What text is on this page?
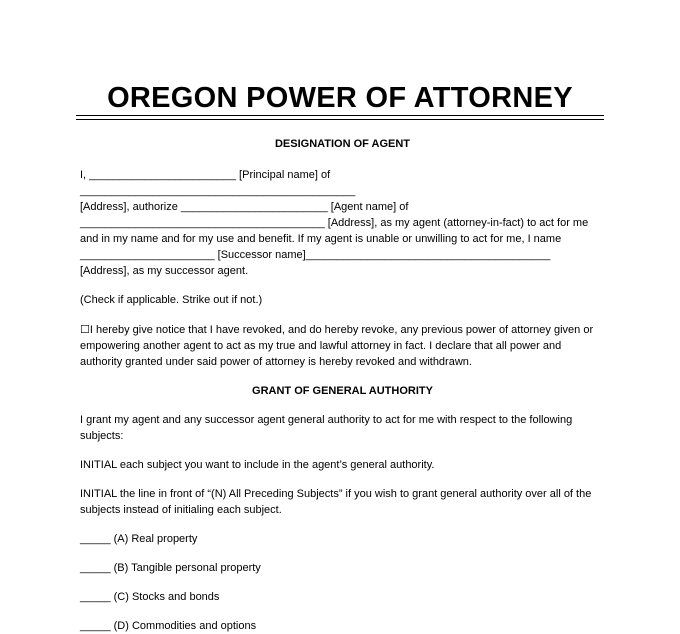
OREGON POWER OF ATTORNEY

DESIGNATION OF AGENT

I, ________________________ [Principal name] of _____________________________________________

[Address], authorize ________________________ [Agent name] of

________________________________________ [Address], as my agent (attorney-in-fact) to act for me

and in my name and for my use and benefit. If my agent is unable or unwilling to act for me, I name

______________________ [Successor name]________________________________________

[Address], as my successor agent.

(Check if applicable. Strike out if not.)

☐I hereby give notice that I have revoked, and do hereby revoke, any previous power of attorney given or

empowering another agent to act as my true and lawful attorney in fact. I declare that all power and

authority granted under said power of attorney is hereby revoked and withdrawn.

GRANT OF GENERAL AUTHORITY

I grant my agent and any successor agent general authority to act for me with respect to the following

subjects:

INITIAL each subject you want to include in the agent’s general authority.

INITIAL the line in front of “(N) All Preceding Subjects” if you wish to grant general authority over all of the

subjects instead of initialing each subject.

_____ (A) Real property

_____ (B) Tangible personal property

_____ (C) Stocks and bonds

_____ (D) Commodities and options
